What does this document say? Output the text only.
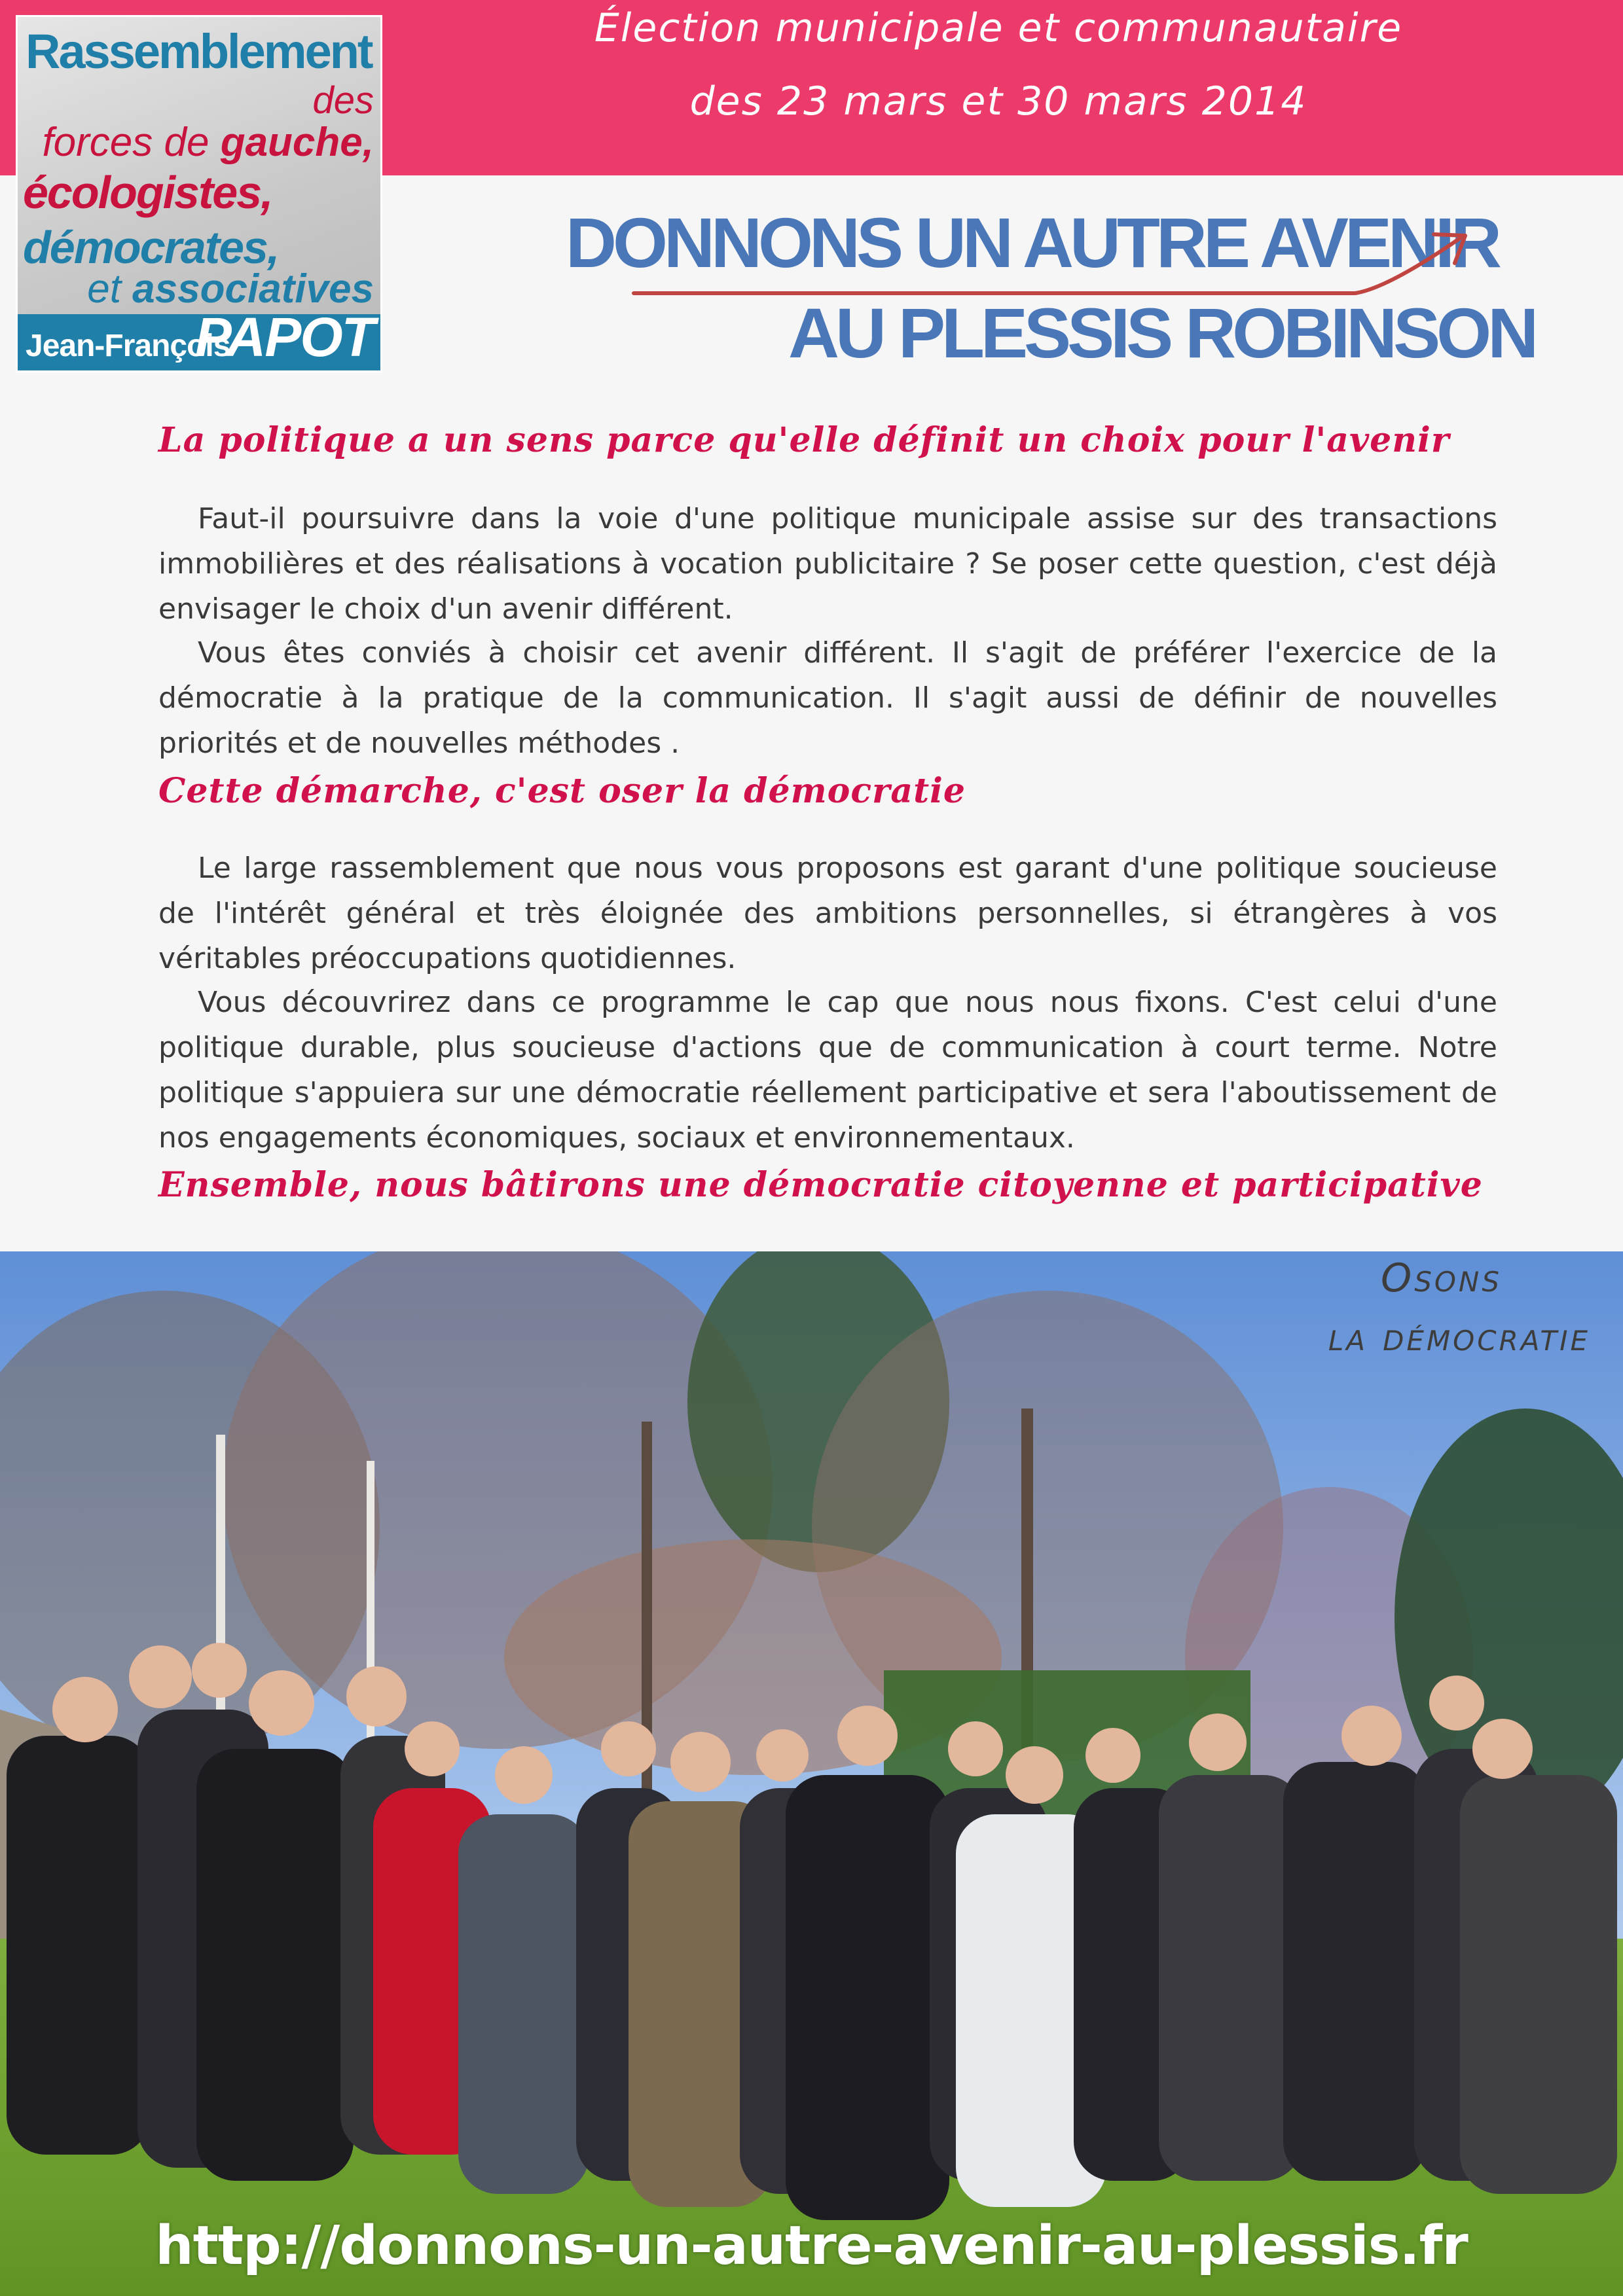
Élection municipale et communautaire
des 23 mars et 30 mars 2014
Rassemblement
des
forces de gauche,
écologistes,
démocrates,
et associatives
Jean-François
PAPOT
DONNONS UN AUTRE AVENIR
AU PLESSIS ROBINSON
La politique a un sens parce qu'elle définit un choix pour l'avenir

Faut-il poursuivre dans la voie d'une politique municipale assise sur des transactions immobilières et des réalisations à vocation publicitaire ? Se poser cette question, c'est déjà envisager le choix d'un avenir différent.

Vous êtes conviés à choisir cet avenir différent. Il s'agit de préférer l'exercice de la démocratie à la pratique de la communication. Il s'agit aussi de définir de nouvelles priorités et de nouvelles méthodes .

Cette démarche, c'est oser la démocratie

Le large rassemblement que nous vous proposons est garant d'une politique soucieuse de l'intérêt général et très éloignée des ambitions personnelles, si étrangères à vos véritables préoccupations quotidiennes.

Vous découvrirez dans ce programme le cap que nous nous fixons. C'est celui d'une politique durable, plus soucieuse d'actions que de communication à court terme. Notre politique s'appuiera sur une démocratie réellement participative et sera l'aboutissement de nos engagements économiques, sociaux et environnementaux.

Ensemble, nous bâtirons une démocratie citoyenne et participative
Osons
la démocratie
http://donnons-un-autre-avenir-au-plessis.fr
